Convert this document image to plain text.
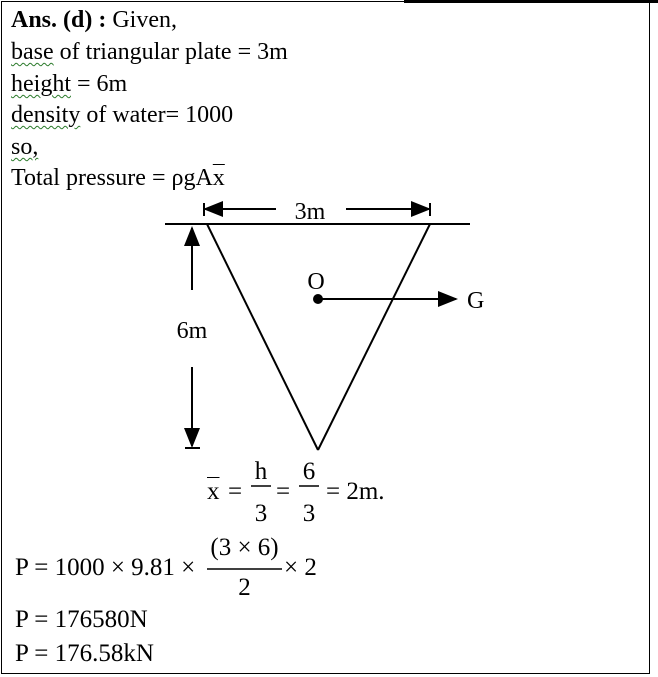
Ans. (d) : Given,
base of triangular plate = 3m
height = 6m
density of water= 1000
so,
Total pressure = $\rho gA\overline{x}$
3m
6m
O
G
$\overline{x}$ =
h
3
=
6
3
= 2m.
P = 1000 × 9.81 ×
(3 × 6)
2
× 2
P = 176580N
P = 176.58kN
